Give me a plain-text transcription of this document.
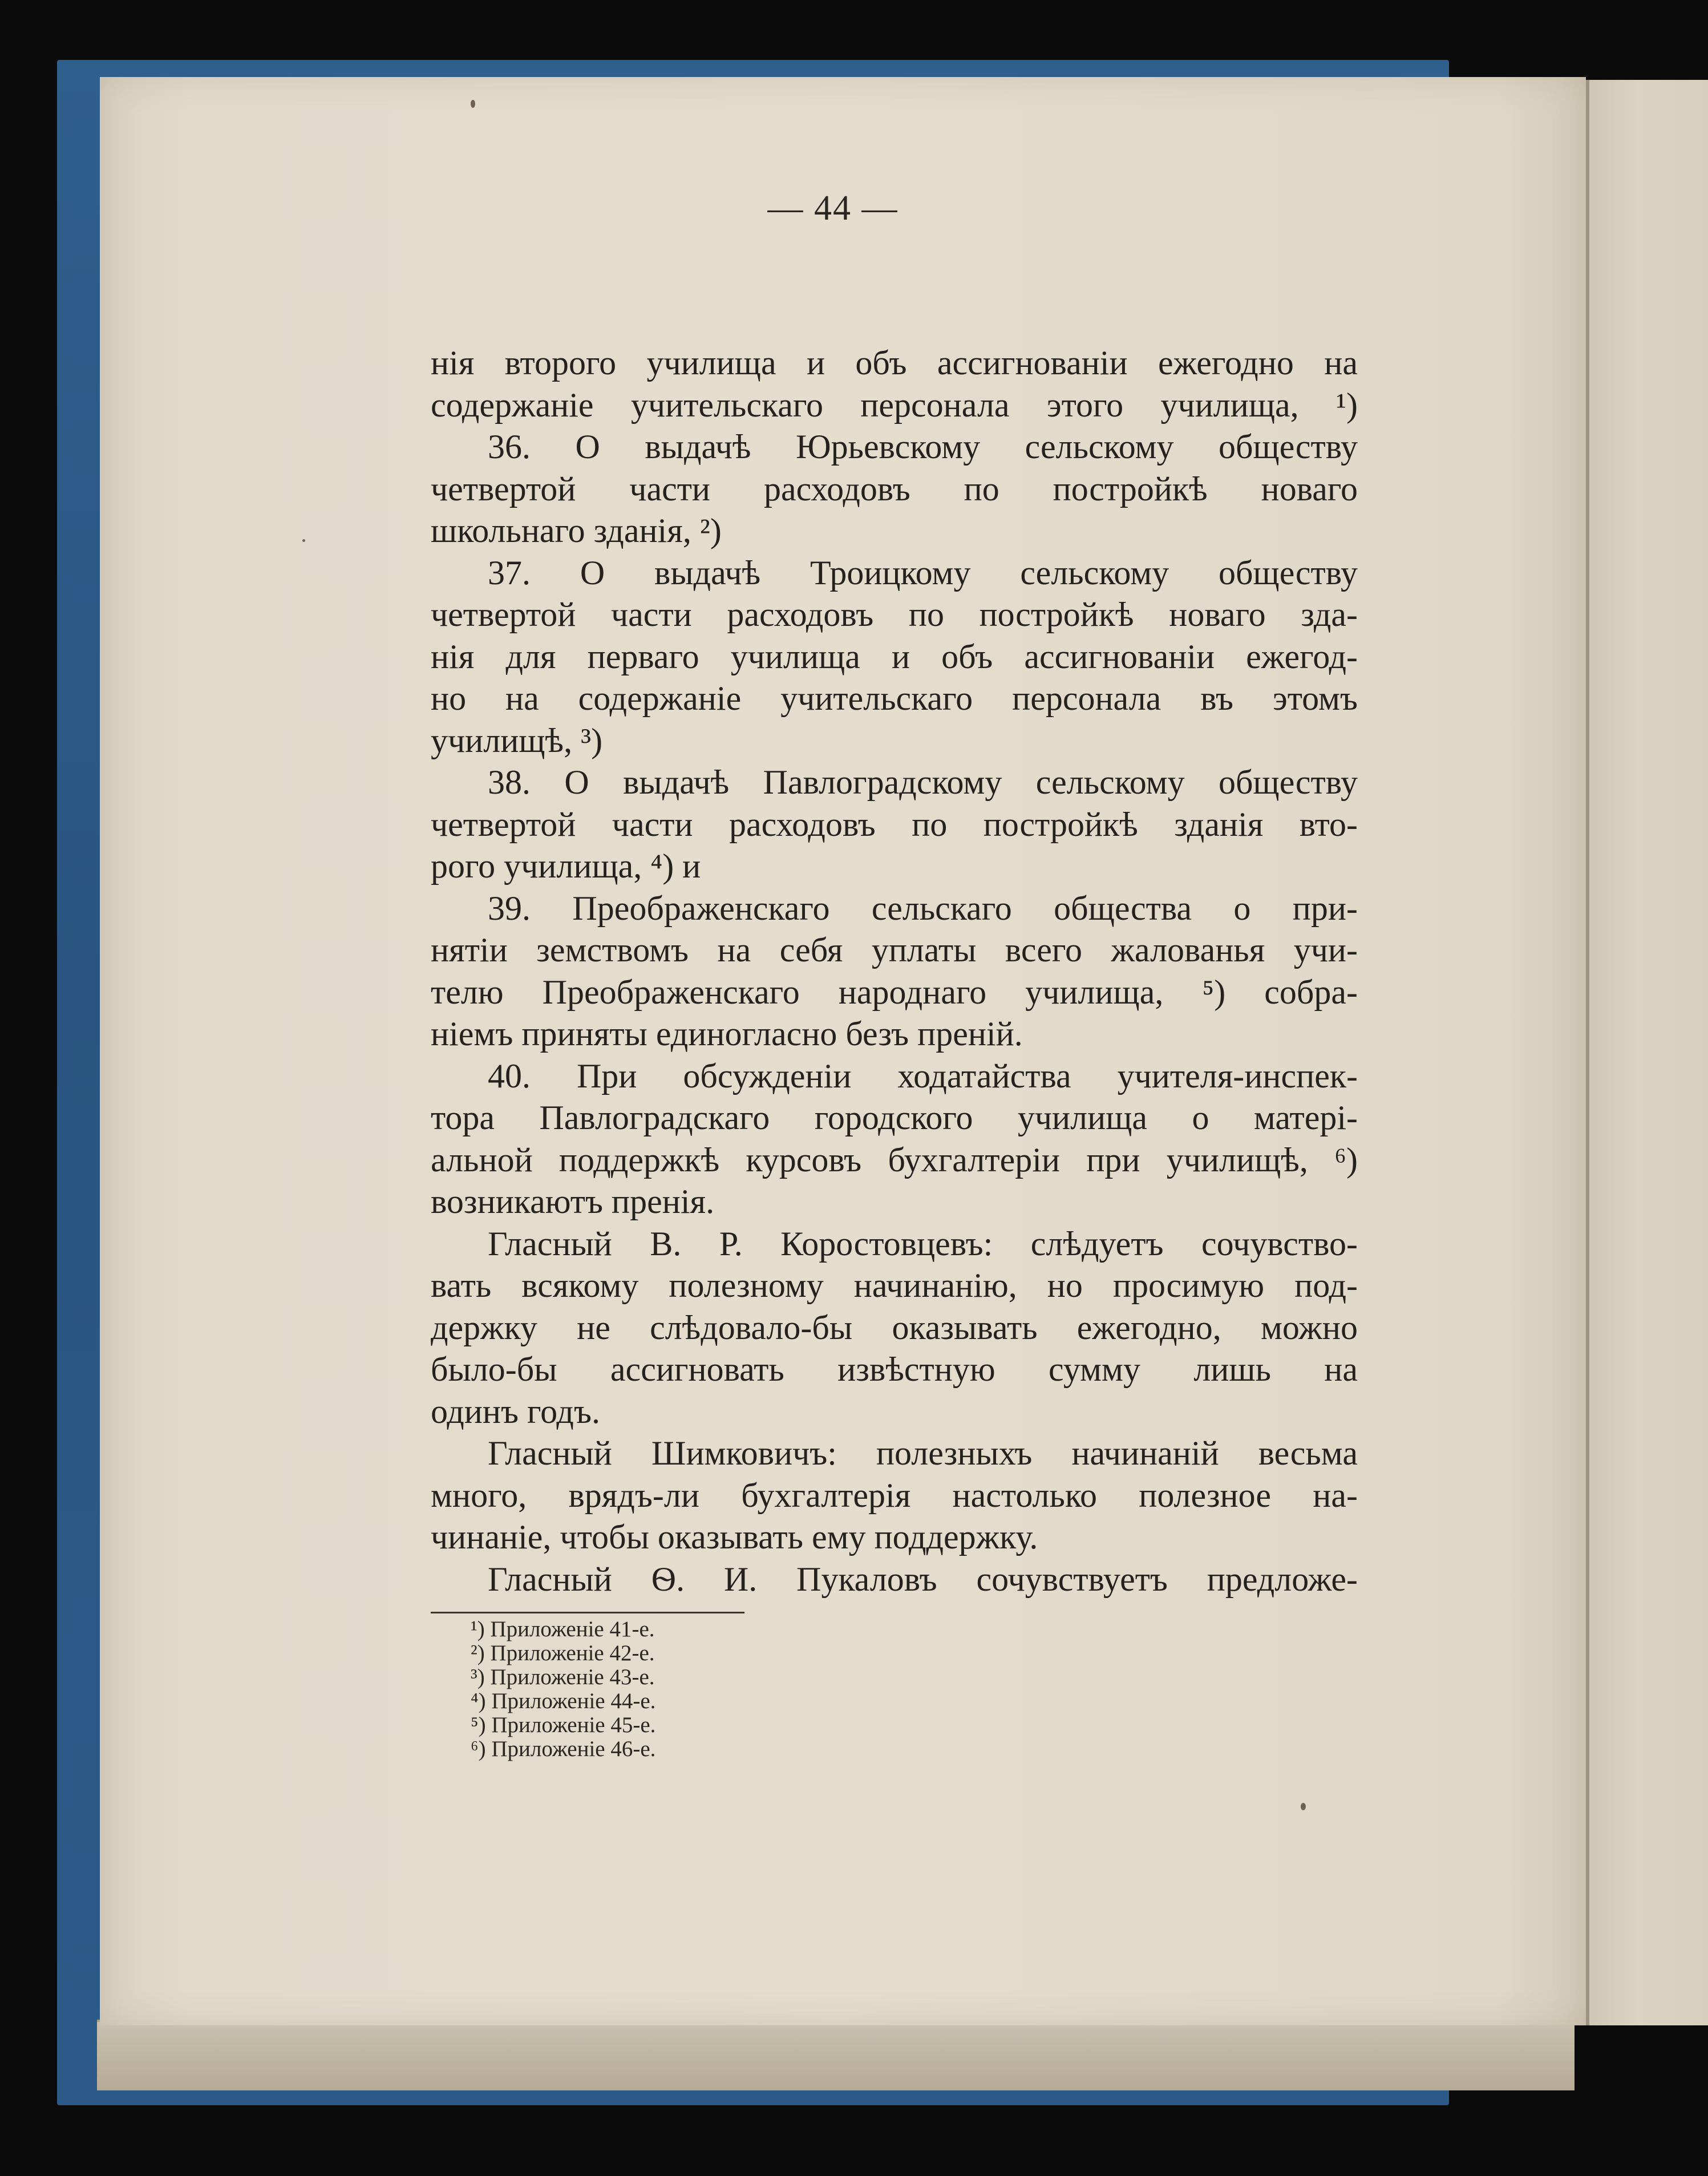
— 44 —
нія второго училища и объ ассигнованіи ежегодно на
содержаніе учительскаго персонала этого училища, ¹)
36. О выдачѣ Юрьевскому сельскому обществу
четвертой части расходовъ по постройкѣ новаго
школьнаго зданія, ²)
37. О выдачѣ Троицкому сельскому обществу
четвертой части расходовъ по постройкѣ новаго зда-
нія для перваго училища и объ ассигнованіи ежегод-
но на содержаніе учительскаго персонала въ этомъ
училищѣ, ³)
38. О выдачѣ Павлоградскому сельскому обществу
четвертой части расходовъ по постройкѣ зданія вто-
рого училища, ⁴) и
39. Преображенскаго сельскаго общества о при-
нятіи земствомъ на себя уплаты всего жалованья учи-
телю Преображенскаго народнаго училища, ⁵) собра-
ніемъ приняты единогласно безъ преній.
40. При обсужденіи ходатайства учителя-инспек-
тора Павлоградскаго городского училища о матері-
альной поддержкѣ курсовъ бухгалтеріи при училищѣ, ⁶)
возникаютъ пренія.
Гласный В. Р. Коростовцевъ: слѣдуетъ сочувство-
вать всякому полезному начинанію, но просимую под-
держку не слѣдовало-бы оказывать ежегодно, можно
было-бы ассигновать извѣстную сумму лишь на
одинъ годъ.
Гласный Шимковичъ: полезныхъ начинаній весьма
много, врядъ-ли бухгалтерія настолько полезное на-
чинаніе, чтобы оказывать ему поддержку.
Гласный Ѳ. И. Пукаловъ сочувствуетъ предложе-
¹) Приложеніе 41-е.
²) Приложеніе 42-е.
³) Приложеніе 43-е.
⁴) Приложеніе 44-е.
⁵) Приложеніе 45-е.
⁶) Приложеніе 46-е.
